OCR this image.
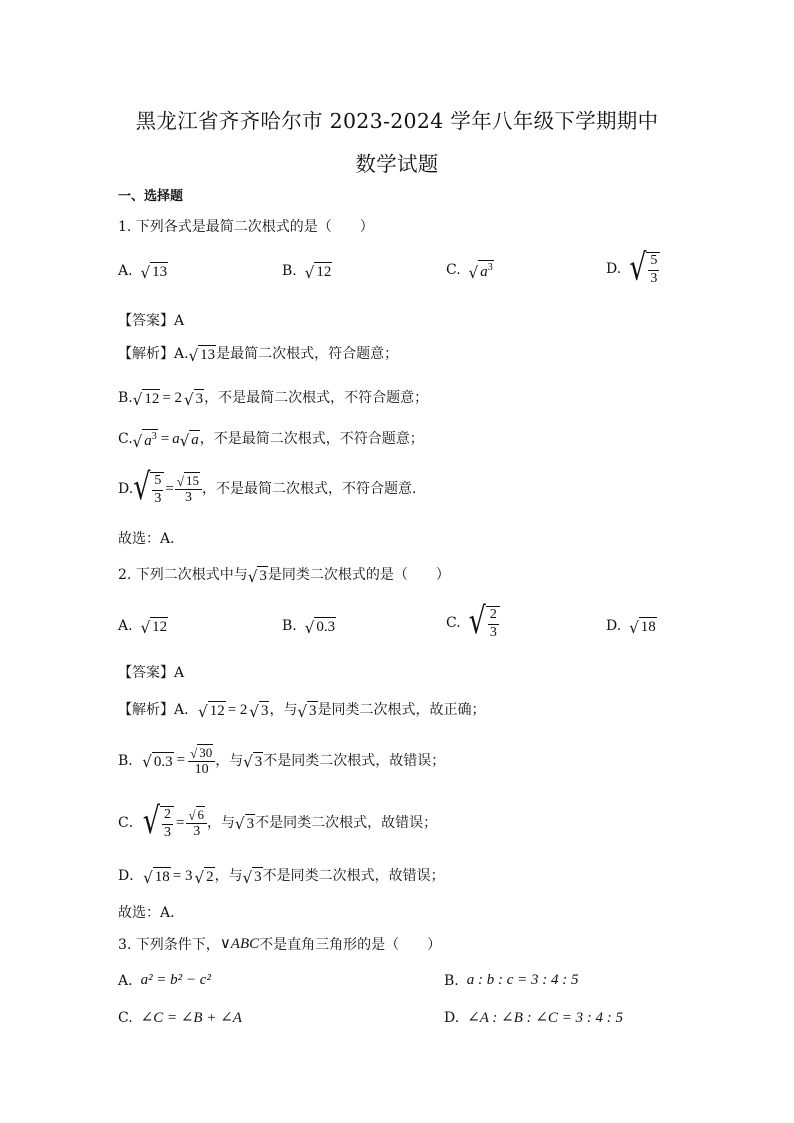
黑龙江省齐齐哈尔市 2023-2024 学年八年级下学期期中
数学试题
一、选择题
1. 下列各式是最简二次根式的是（　　）
A. √ 13	B. √ 12	C. √ $a^3$	D. √ $\frac{5}{3}$
【答案】A
【解析】A. √ 13 是最简二次根式，符合题意；
B. √ 12 = 2 √ 3 ，不是最简二次根式，不符合题意；
C. √ $a^3 = a$ √ a ，不是最简二次根式，不符合题意；
D. √ $\frac{5}{3} = \frac{√ 15}{3}$ ，不是最简二次根式，不符合题意．
故选：A．
2. 下列二次根式中与 √ 3 是同类二次根式的是（　　）
A. √ 12	B. √ 0.3	C. √ $\frac{2}{3}$	D. √ 18
【答案】A
【解析】A． √ 12 = 2 √ 3 ，与 √ 3 是同类二次根式，故正确；
B． √ $0.3 = \frac{√ 30}{10}$ ，与 √ 3 不是同类二次根式，故错误；
C． √ $\frac{2}{3} = \frac{√ 6}{3}$ ，与 √ 3 不是同类二次根式，故错误；
D． √ 18 = 3 √ 2 ，与 √ 3 不是同类二次根式，故错误；
故选：A．
3. 下列条件下， ∨ABC 不是直角三角形的是（　　）
A. a² = b² − c²	B. a : b : c = 3 : 4 : 5
C. ∠C = ∠B + ∠A	D. ∠A : ∠B : ∠C = 3 : 4 : 5
